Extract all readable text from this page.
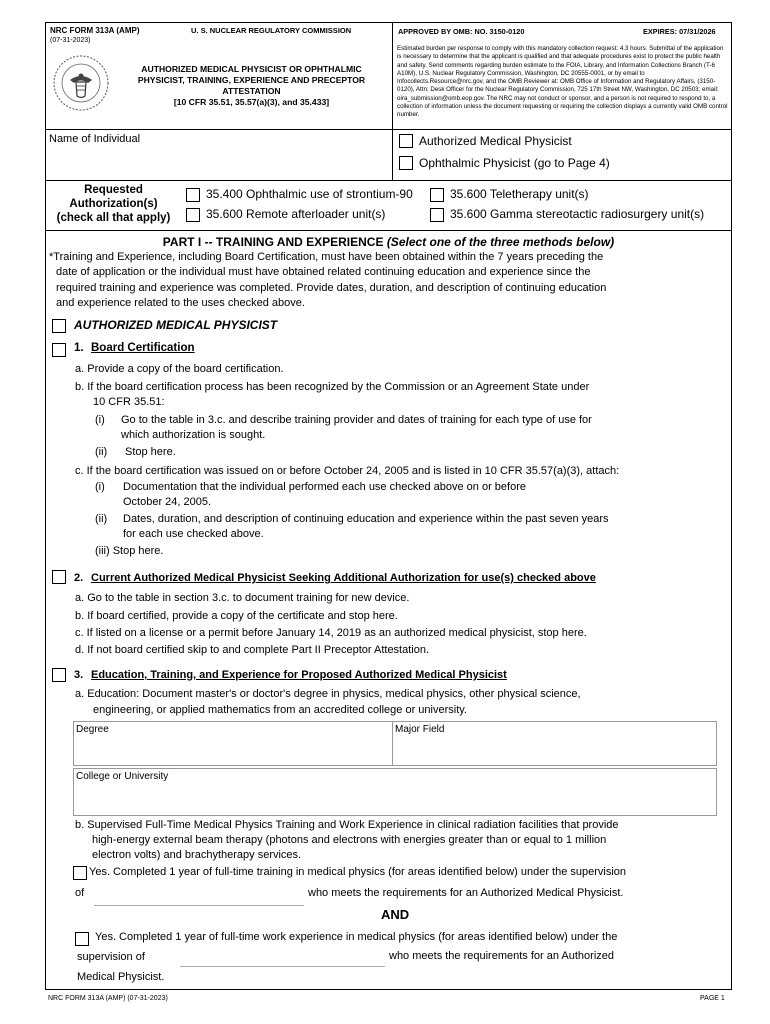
NRC FORM 313A (AMP)
(07-31-2023)
U. S. NUCLEAR REGULATORY COMMISSION
AUTHORIZED MEDICAL PHYSICIST OR OPHTHALMIC
PHYSICIST, TRAINING, EXPERIENCE AND PRECEPTOR
ATTESTATION
[10 CFR 35.51, 35.57(a)(3), and 35.433]
APPROVED BY OMB: NO. 3150-0120	EXPIRES: 07/31/2026
Estimated burden per response to comply with this mandatory collection request: 4.3 hours. Submittal of the application is necessary to determine that the applicant is qualified and that adequate procedures exist to protect the public health and safety. Send comments regarding burden estimate to the FOIA, Library, and Information Collections Branch (T-6 A10M), U.S. Nuclear Regulatory Commission, Washington, DC 20555-0001, or by email to Infocollects.Resource@nrc.gov, and the OMB Reviewer at: OMB Office of Information and Regulatory Affairs, (3150-0120), Attn: Desk Officer for the Nuclear Regulatory Commission, 725 17th Street NW, Washington, DC 20503; email: oira_submission@omb.eop.gov. The NRC may not conduct or sponsor, and a person is not required to respond to, a collection of information unless the document requesting or requiring the collection displays a currently valid OMB control number.
Name of Individual	Authorized Medical Physicist
Ophthalmic Physicist (go to Page 4)
Requested
Authorization(s)
(check all that apply)
35.400 Ophthalmic use of strontium-90	35.600 Teletherapy unit(s)
35.600 Remote afterloader unit(s)	35.600 Gamma stereotactic radiosurgery unit(s)
PART I -- TRAINING AND EXPERIENCE (Select one of the three methods below)
*Training and Experience, including Board Certification, must have been obtained within the 7 years preceding the
date of application or the individual must have obtained related continuing education and experience since the
required training and experience was completed. Provide dates, duration, and description of continuing education
and experience related to the uses checked above.
AUTHORIZED MEDICAL PHYSICIST
1. Board Certification
a. Provide a copy of the board certification.
b. If the board certification process has been recognized by the Commission or an Agreement State under
10 CFR 35.51:
(i) Go to the table in 3.c. and describe training provider and dates of training for each type of use for
which authorization is sought.
(ii) Stop here.
c. If the board certification was issued on or before October 24, 2005 and is listed in 10 CFR 35.57(a)(3), attach:
(i) Documentation that the individual performed each use checked above on or before
October 24, 2005.
(ii) Dates, duration, and description of continuing education and experience within the past seven years
for each use checked above.
(iii) Stop here.
2. Current Authorized Medical Physicist Seeking Additional Authorization for use(s) checked above
a. Go to the table in section 3.c. to document training for new device.
b. If board certified, provide a copy of the certificate and stop here.
c. If listed on a license or a permit before January 14, 2019 as an authorized medical physicist, stop here.
d. If not board certified skip to and complete Part II Preceptor Attestation.
3. Education, Training, and Experience for Proposed Authorized Medical Physicist
a. Education: Document master's or doctor's degree in physics, medical physics, other physical science,
engineering, or applied mathematics from an accredited college or university.
Degree	Major Field
College or University
b. Supervised Full-Time Medical Physics Training and Work Experience in clinical radiation facilities that provide
high-energy external beam therapy (photons and electrons with energies greater than or equal to 1 million
electron volts) and brachytherapy services.
Yes. Completed 1 year of full-time training in medical physics (for areas identified below) under the supervision
of	who meets the requirements for an Authorized Medical Physicist.
AND
Yes. Completed 1 year of full-time work experience in medical physics (for areas identified below) under the
supervision of	who meets the requirements for an Authorized
Medical Physicist.
NRC FORM 313A (AMP) (07-31-2023)	PAGE 1
